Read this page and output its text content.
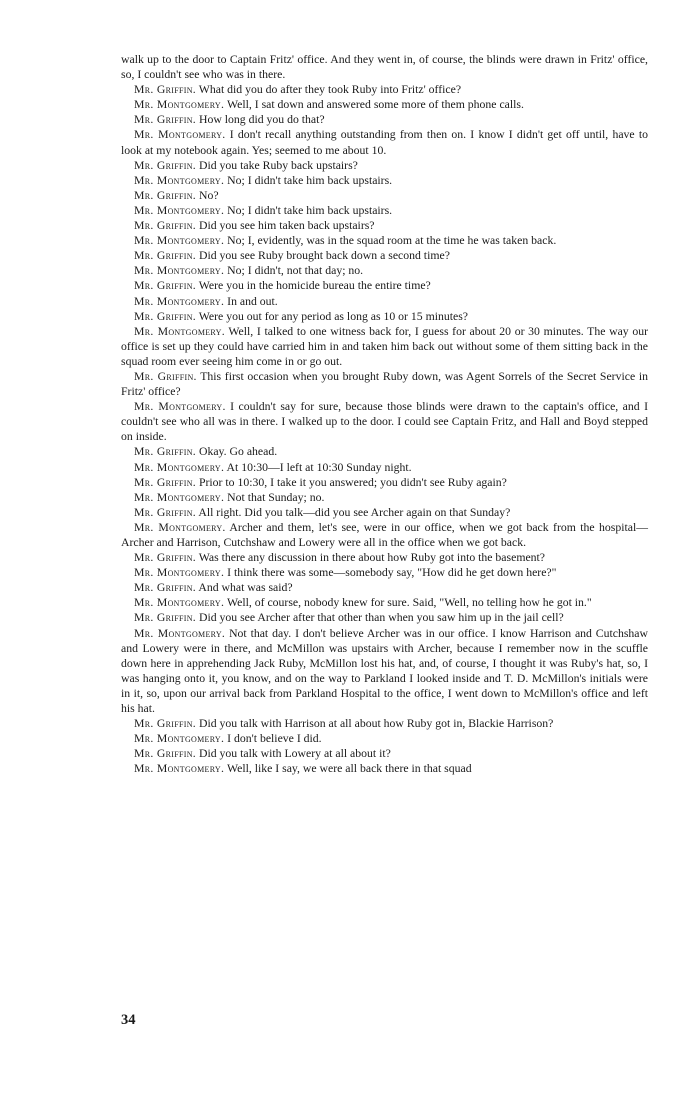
walk up to the door to Captain Fritz' office. And they went in, of course, the blinds were drawn in Fritz' office, so, I couldn't see who was in there.

Mr. Griffin. What did you do after they took Ruby into Fritz' office?

Mr. Montgomery. Well, I sat down and answered some more of them phone calls.

Mr. Griffin. How long did you do that?

Mr. Montgomery. I don't recall anything outstanding from then on. I know I didn't get off until, have to look at my notebook again. Yes; seemed to me about 10.

Mr. Griffin. Did you take Ruby back upstairs?

Mr. Montgomery. No; I didn't take him back upstairs.

Mr. Griffin. No?

Mr. Montgomery. No; I didn't take him back upstairs.

Mr. Griffin. Did you see him taken back upstairs?

Mr. Montgomery. No; I, evidently, was in the squad room at the time he was taken back.

Mr. Griffin. Did you see Ruby brought back down a second time?

Mr. Montgomery. No; I didn't, not that day; no.

Mr. Griffin. Were you in the homicide bureau the entire time?

Mr. Montgomery. In and out.

Mr. Griffin. Were you out for any period as long as 10 or 15 minutes?

Mr. Montgomery. Well, I talked to one witness back for, I guess for about 20 or 30 minutes. The way our office is set up they could have carried him in and taken him back out without some of them sitting back in the squad room ever seeing him come in or go out.

Mr. Griffin. This first occasion when you brought Ruby down, was Agent Sorrels of the Secret Service in Fritz' office?

Mr. Montgomery. I couldn't say for sure, because those blinds were drawn to the captain's office, and I couldn't see who all was in there. I walked up to the door. I could see Captain Fritz, and Hall and Boyd stepped on inside.

Mr. Griffin. Okay. Go ahead.

Mr. Montgomery. At 10:30—I left at 10:30 Sunday night.

Mr. Griffin. Prior to 10:30, I take it you answered; you didn't see Ruby again?

Mr. Montgomery. Not that Sunday; no.

Mr. Griffin. All right. Did you talk—did you see Archer again on that Sunday?

Mr. Montgomery. Archer and them, let's see, were in our office, when we got back from the hospital—Archer and Harrison, Cutchshaw and Lowery were all in the office when we got back.

Mr. Griffin. Was there any discussion in there about how Ruby got into the basement?

Mr. Montgomery. I think there was some—somebody say, "How did he get down here?"

Mr. Griffin. And what was said?

Mr. Montgomery. Well, of course, nobody knew for sure. Said, "Well, no telling how he got in."

Mr. Griffin. Did you see Archer after that other than when you saw him up in the jail cell?

Mr. Montgomery. Not that day. I don't believe Archer was in our office. I know Harrison and Cutchshaw and Lowery were in there, and McMillon was upstairs with Archer, because I remember now in the scuffle down here in apprehending Jack Ruby, McMillon lost his hat, and, of course, I thought it was Ruby's hat, so, I was hanging onto it, you know, and on the way to Parkland I looked inside and T. D. McMillon's initials were in it, so, upon our arrival back from Parkland Hospital to the office, I went down to McMillon's office and left his hat.

Mr. Griffin. Did you talk with Harrison at all about how Ruby got in, Blackie Harrison?

Mr. Montgomery. I don't believe I did.

Mr. Griffin. Did you talk with Lowery at all about it?

Mr. Montgomery. Well, like I say, we were all back there in that squad

34
